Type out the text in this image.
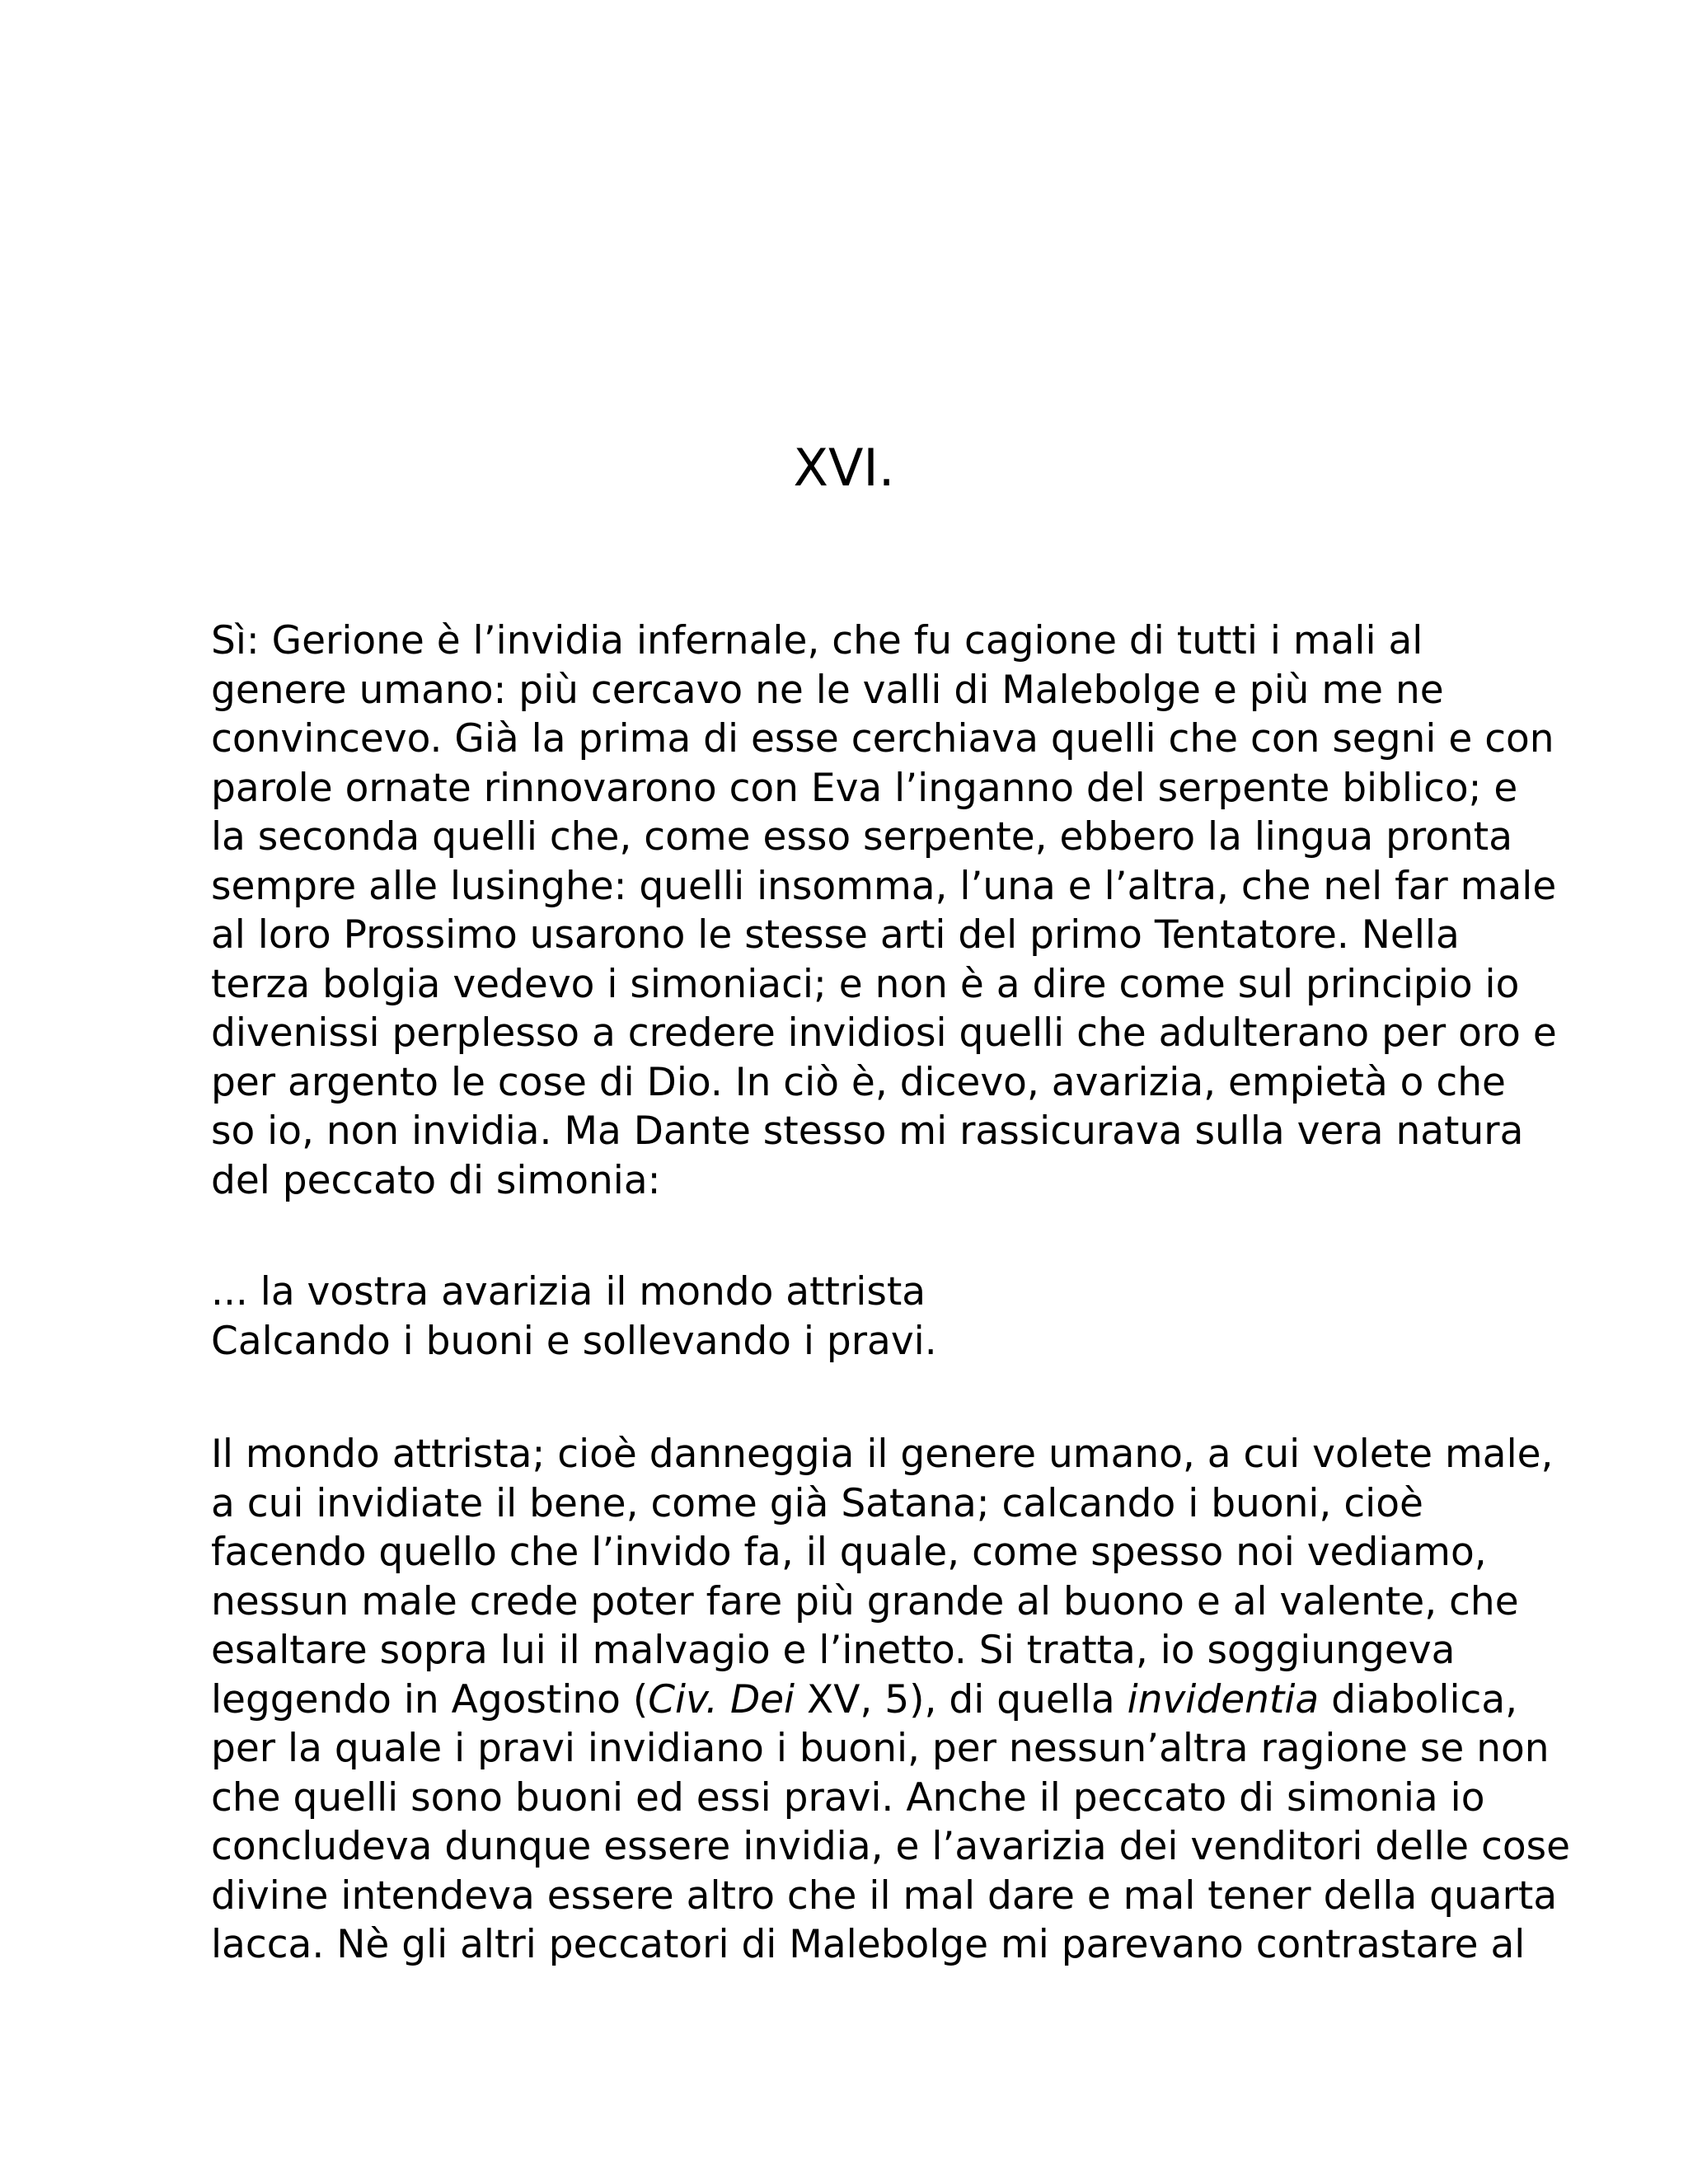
XVI.
Sì: Gerione è l’invidia infernale, che fu cagione di tutti i mali al
genere umano: più cercavo ne le valli di Malebolge e più me ne
convincevo. Già la prima di esse cerchiava quelli che con segni e con
parole ornate rinnovarono con Eva l’inganno del serpente biblico; e
la seconda quelli che, come esso serpente, ebbero la lingua pronta
sempre alle lusinghe: quelli insomma, l’una e l’altra, che nel far male
al loro Prossimo usarono le stesse arti del primo Tentatore. Nella
terza bolgia vedevo i simoniaci; e non è a dire come sul principio io
divenissi perplesso a credere invidiosi quelli che adulterano per oro e
per argento le cose di Dio. In ciò è, dicevo, avarizia, empietà o che
so io, non invidia. Ma Dante stesso mi rassicurava sulla vera natura
del peccato di simonia:
... la vostra avarizia il mondo attrista
Calcando i buoni e sollevando i pravi.
Il mondo attrista; cioè danneggia il genere umano, a cui volete male,
a cui invidiate il bene, come già Satana; calcando i buoni, cioè
facendo quello che l’invido fa, il quale, come spesso noi vediamo,
nessun male crede poter fare più grande al buono e al valente, che
esaltare sopra lui il malvagio e l’inetto. Si tratta, io soggiungeva
leggendo in Agostino (Civ. Dei XV, 5), di quella invidentia diabolica,
per la quale i pravi invidiano i buoni, per nessun’altra ragione se non
che quelli sono buoni ed essi pravi. Anche il peccato di simonia io
concludeva dunque essere invidia, e l’avarizia dei venditori delle cose
divine intendeva essere altro che il mal dare e mal tener della quarta
lacca. Nè gli altri peccatori di Malebolge mi parevano contrastare al
